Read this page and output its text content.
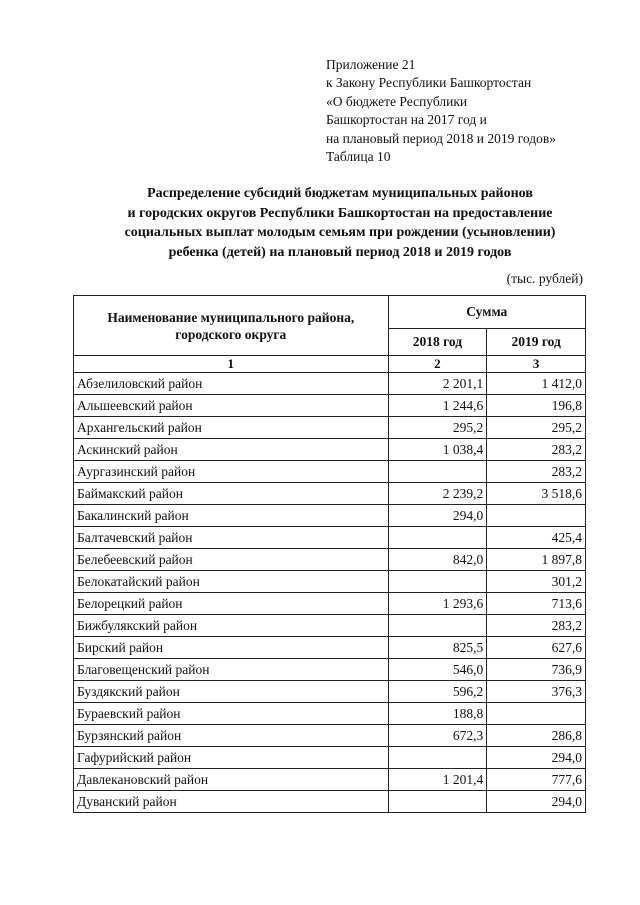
Приложение 21
к Закону Республики Башкортостан
«О бюджете Республики
Башкортостан на 2017 год и
на плановый период 2018 и 2019 годов»
Таблица 10
Распределение субсидий бюджетам муниципальных районов
и городских округов Республики Башкортостан на предоставление
социальных выплат молодым семьям при рождении (усыновлении)
ребенка (детей) на плановый период 2018 и 2019 годов
(тыс. рублей)
Наименование муниципального района,
городского округа	Сумма	
	2018 год	2019 год
1	2	3
Абзелиловский район	2 201,1	1 412,0
Альшеевский район	1 244,6	196,8
Архангельский район	295,2	295,2
Аскинский район	1 038,4	283,2
Аургазинский район		283,2
Баймакский район	2 239,2	3 518,6
Бакалинский район	294,0	
Балтачевский район		425,4
Белебеевский район	842,0	1 897,8
Белокатайский район		301,2
Белорецкий район	1 293,6	713,6
Бижбулякский район		283,2
Бирский район	825,5	627,6
Благовещенский район	546,0	736,9
Буздякский район	596,2	376,3
Бураевский район	188,8	
Бурзянский район	672,3	286,8
Гафурийский район		294,0
Давлекановский район	1 201,4	777,6
Дуванский район		294,0
